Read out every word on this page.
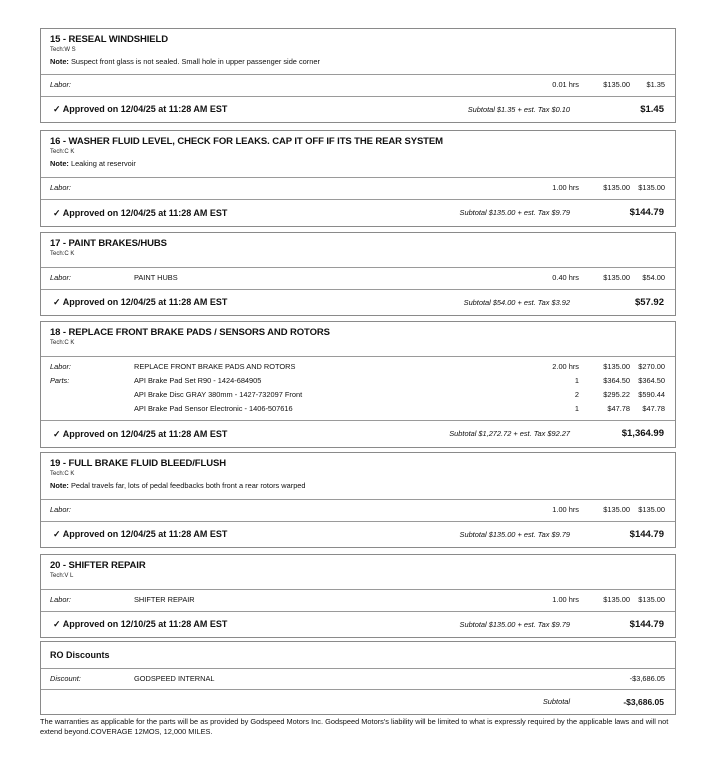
15 - RESEAL WINDSHIELD
Tech:W S
Note: Suspect front glass is not sealed. Small hole in upper passenger side corner
Labor:	0.01 hrs	$135.00 $1.35
✓ Approved on 12/04/25 at 11:28 AM EST	Subtotal $1.35 + est. Tax $0.10	$1.45
16 - WASHER FLUID LEVEL, CHECK FOR LEAKS. CAP IT OFF IF ITS THE REAR SYSTEM
Tech:C K
Note: Leaking at reservoir
Labor:	1.00 hrs	$135.00 $135.00
✓ Approved on 12/04/25 at 11:28 AM EST	Subtotal $135.00 + est. Tax $9.79	$144.79
17 - PAINT BRAKES/HUBS
Tech:C K
Labor:	PAINT HUBS	0.40 hrs	$135.00 $54.00
✓ Approved on 12/04/25 at 11:28 AM EST	Subtotal $54.00 + est. Tax $3.92	$57.92
18 - REPLACE FRONT BRAKE PADS / SENSORS AND ROTORS
Tech:C K
Labor:	REPLACE FRONT BRAKE PADS AND ROTORS	2.00 hrs	$135.00 $270.00
Parts:	API Brake Pad Set R90 - 1424-684905	1	$364.50 $364.50
API Brake Disc GRAY 380mm - 1427-732097 Front	2	$295.22 $590.44
API Brake Pad Sensor Electronic - 1406-507616	1	$47.78 $47.78
✓ Approved on 12/04/25 at 11:28 AM EST	Subtotal $1,272.72 + est. Tax $92.27	$1,364.99
19 - FULL BRAKE FLUID BLEED/FLUSH
Tech:C K
Note: Pedal travels far, lots of pedal feedbacks both front a rear rotors warped
Labor:	1.00 hrs	$135.00 $135.00
✓ Approved on 12/04/25 at 11:28 AM EST	Subtotal $135.00 + est. Tax $9.79	$144.79
20 - SHIFTER REPAIR
Tech:V L
Labor:	SHIFTER REPAIR	1.00 hrs	$135.00 $135.00
✓ Approved on 12/10/25 at 11:28 AM EST	Subtotal $135.00 + est. Tax $9.79	$144.79
RO Discounts
Discount:	GODSPEED INTERNAL	-$3,686.05
Subtotal	-$3,686.05
The warranties as applicable for the parts will be as provided by Godspeed Motors Inc. Godspeed Motors's liability will be limited to what is expressly required by the applicable laws and will not extend beyond.COVERAGE 12MOS, 12,000 MILES.
